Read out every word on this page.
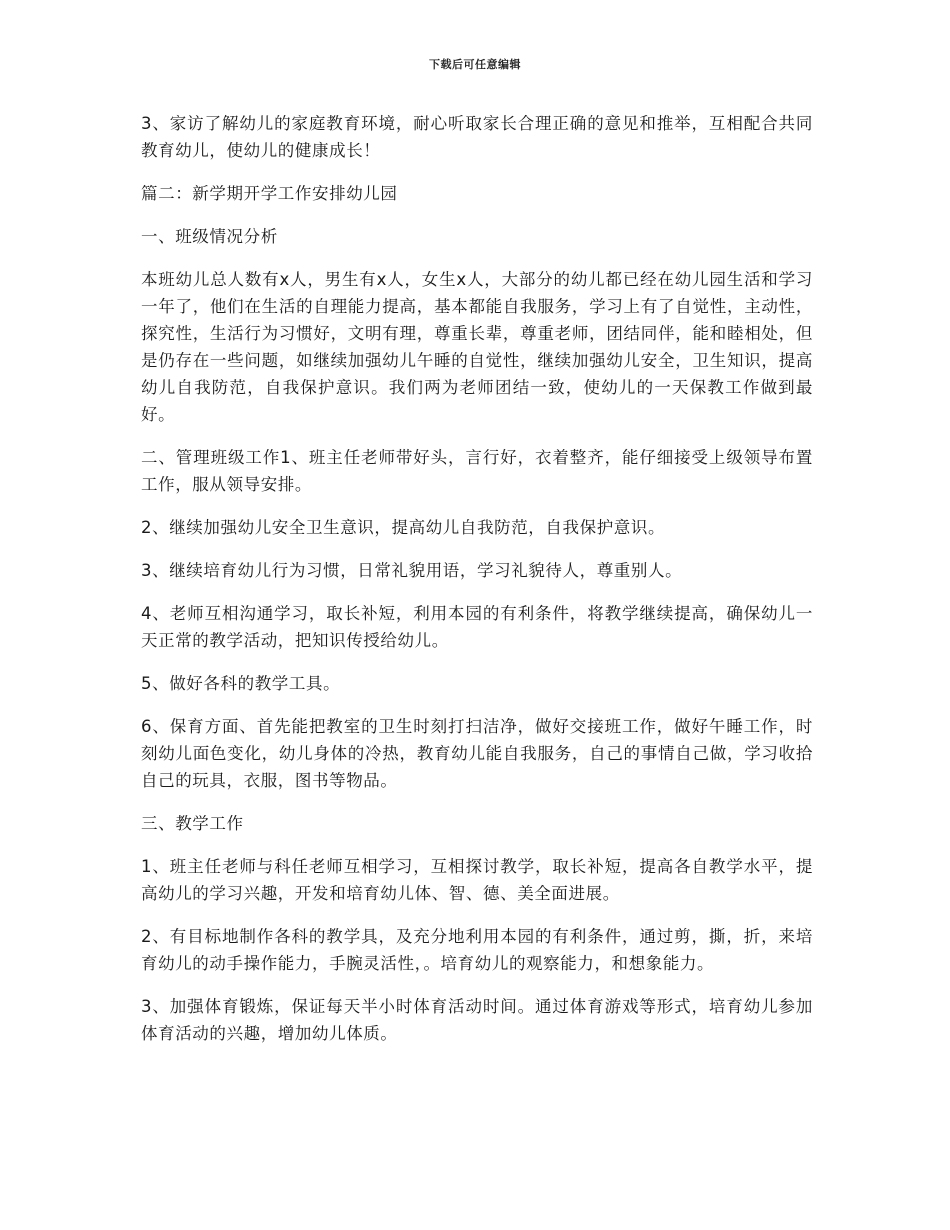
下载后可任意编辑

3、家访了解幼儿的家庭教育环境，耐心听取家长合理正确的意见和推举，互相配合共同教育幼儿，使幼儿的健康成长！

篇二：新学期开学工作安排幼儿园

一、班级情况分析

本班幼儿总人数有x人，男生有x人，女生x人，大部分的幼儿都已经在幼儿园生活和学习一年了，他们在生活的自理能力提高，基本都能自我服务，学习上有了自觉性，主动性，探究性，生活行为习惯好，文明有理，尊重长辈，尊重老师，团结同伴，能和睦相处，但是仍存在一些问题，如继续加强幼儿午睡的自觉性，继续加强幼儿安全，卫生知识，提高幼儿自我防范，自我保护意识。我们两为老师团结一致，使幼儿的一天保教工作做到最好。

二、管理班级工作1、班主任老师带好头，言行好，衣着整齐，能仔细接受上级领导布置工作，服从领导安排。

2、继续加强幼儿安全卫生意识，提高幼儿自我防范，自我保护意识。

3、继续培育幼儿行为习惯，日常礼貌用语，学习礼貌待人，尊重别人。

4、老师互相沟通学习，取长补短，利用本园的有利条件，将教学继续提高，确保幼儿一天正常的教学活动，把知识传授给幼儿。

5、做好各科的教学工具。

6、保育方面、首先能把教室的卫生时刻打扫洁净，做好交接班工作，做好午睡工作，时刻幼儿面色变化，幼儿身体的冷热，教育幼儿能自我服务，自己的事情自己做，学习收拾自己的玩具，衣服，图书等物品。

三、教学工作

1、班主任老师与科任老师互相学习，互相探讨教学，取长补短，提高各自教学水平，提高幼儿的学习兴趣，开发和培育幼儿体、智、德、美全面进展。

2、有目标地制作各科的教学具，及充分地利用本园的有利条件，通过剪，撕，折，来培育幼儿的动手操作能力，手腕灵活性，。培育幼儿的观察能力，和想象能力。

3、加强体育锻炼，保证每天半小时体育活动时间。通过体育游戏等形式，培育幼儿参加体育活动的兴趣，增加幼儿体质。
